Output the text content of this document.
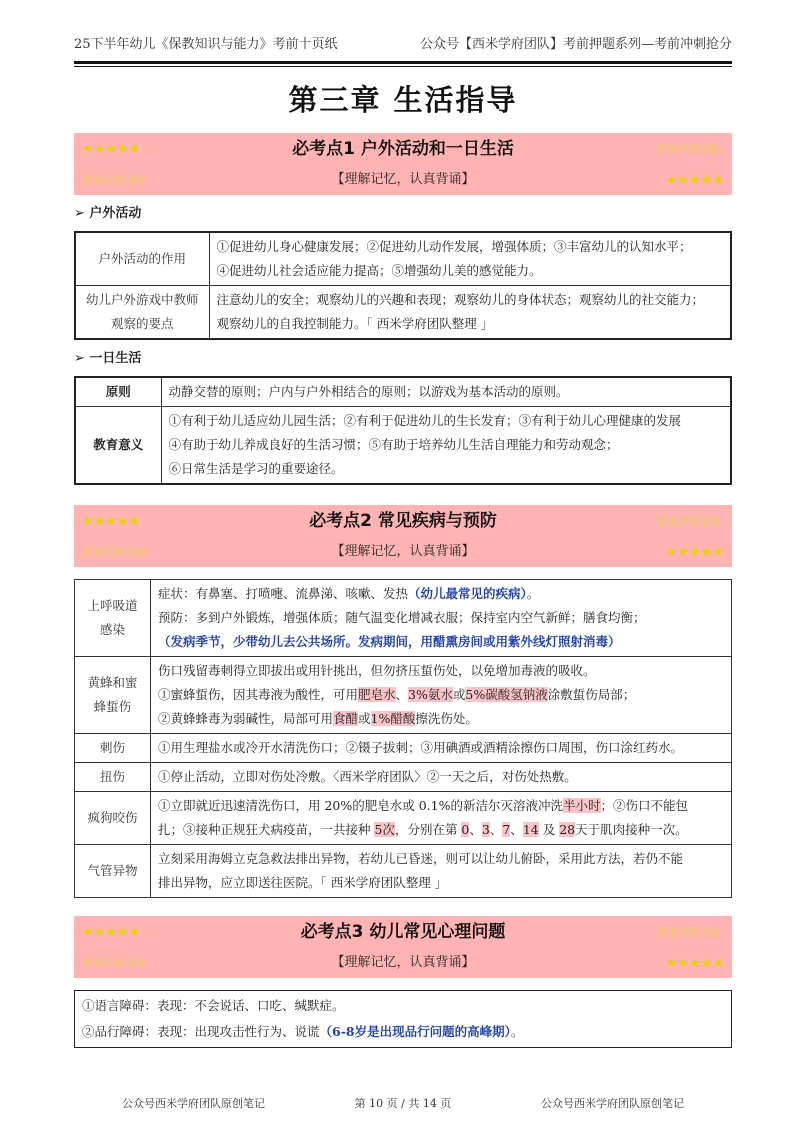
25下半年幼儿《保教知识与能力》考前十页纸	公众号【西米学府团队】考前押题系列—考前冲刺抢分
第三章 生活指导
★★★★★	必考点1 户外活动和一日生活	西米学府团队
西米学府团队	【理解记忆，认真背诵】	★★★★★
➢ 户外活动
户外活动的作用	①促进幼儿身心健康发展；②促进幼儿动作发展，增强体质；③丰富幼儿的认知水平；
④促进幼儿社会适应能力提高；⑤增强幼儿美的感觉能力。

幼儿户外游戏中教师观察的要点	注意幼儿的安全；观察幼儿的兴趣和表现；观察幼儿的身体状态；观察幼儿的社交能力；
观察幼儿的自我控制能力。「 西米学府团队整理 」
➢ 一日生活
原则	动静交替的原则；户内与户外相结合的原则；以游戏为基本活动的原则。

教育意义	①有利于幼儿适应幼儿园生活；②有利于促进幼儿的生长发育；③有利于幼儿心理健康的发展
④有助于幼儿养成良好的生活习惯；⑤有助于培养幼儿生活自理能力和劳动观念；
⑥日常生活是学习的重要途径。
★★★★★	必考点2 常见疾病与预防	西米学府团队
西米学府团队	【理解记忆，认真背诵】	★★★★★
上呼吸道感染	症状：有鼻塞、打喷嚏、流鼻涕、咳嗽、发热（幼儿最常见的疾病）。
预防：多到户外锻炼，增强体质；随气温变化增减衣服；保持室内空气新鲜；膳食均衡；
（发病季节，少带幼儿去公共场所。发病期间，用醋熏房间或用紫外线灯照射消毒）

黄蜂和蜜蜂蜇伤	伤口残留毒刺得立即拔出或用针挑出，但勿挤压蜇伤处，以免增加毒液的吸收。
①蜜蜂蜇伤，因其毒液为酸性，可用肥皂水、3%氨水或5%碳酸氢钠液涂敷蜇伤局部；
②黄蜂蜂毒为弱碱性，局部可用食醋或1%醋酸擦洗伤处。

刺伤	①用生理盐水或冷开水清洗伤口；②镊子拔刺；③用碘酒或酒精涂擦伤口周围，伤口涂红药水。

扭伤	①停止活动，立即对伤处冷敷。〈西米学府团队〉②一天之后，对伤处热敷。

疯狗咬伤	①立即就近迅速清洗伤口，用 20%的肥皂水或 0.1%的新洁尔灭溶液冲洗半小时；②伤口不能包
扎；③接种正规狂犬病疫苗，一共接种 5次，分别在第 0、3、7、14 及 28天于肌肉接种一次。

气管异物	立刻采用海姆立克急救法排出异物，若幼儿已昏迷，则可以让幼儿俯卧，采用此方法，若仍不能
排出异物，应立即送往医院。「 西米学府团队整理 」
★★★★★	必考点3 幼儿常见心理问题	西米学府团队
西米学府团队	【理解记忆，认真背诵】	★★★★★
①语言障碍：表现：不会说话、口吃、缄默症。
②品行障碍：表现：出现攻击性行为、说谎（6-8岁是出现品行问题的高峰期）。
公众号西米学府团队原创笔记	第 10 页 / 共 14 页	公众号西米学府团队原创笔记
